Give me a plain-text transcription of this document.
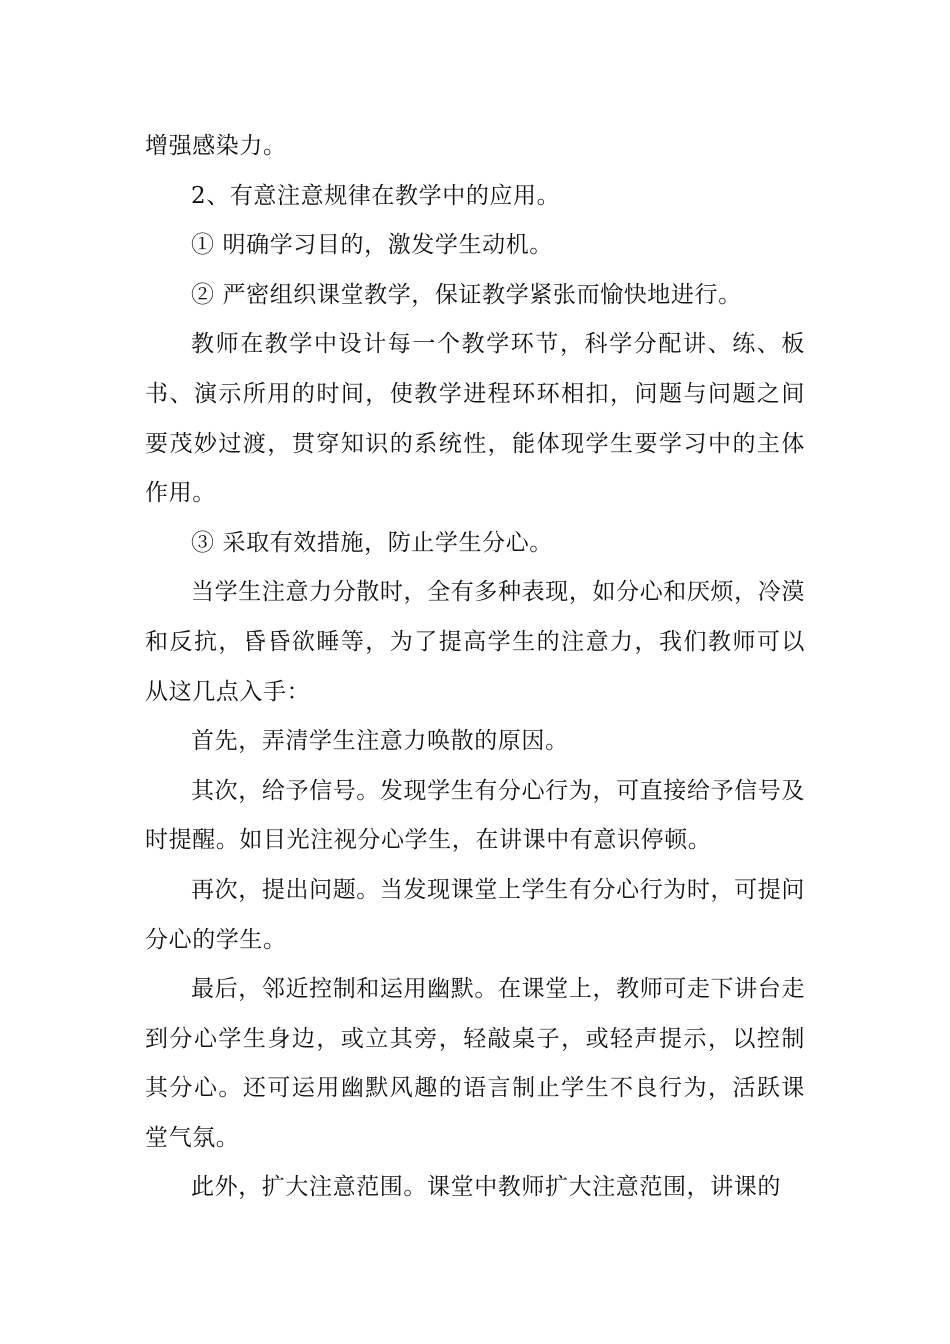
增强感染力。

2、有意注意规律在教学中的应用。

① 明确学习目的，激发学生动机。

② 严密组织课堂教学，保证教学紧张而愉快地进行。

教师在教学中设计每一个教学环节，科学分配讲、练、板书、演示所用的时间，使教学进程环环相扣，问题与问题之间要茂妙过渡，贯穿知识的系统性，能体现学生要学习中的主体作用。

③ 采取有效措施，防止学生分心。

当学生注意力分散时，全有多种表现，如分心和厌烦，冷漠和反抗，昏昏欲睡等，为了提高学生的注意力，我们教师可以从这几点入手：

首先，弄清学生注意力唤散的原因。

其次，给予信号。发现学生有分心行为，可直接给予信号及时提醒。如目光注视分心学生，在讲课中有意识停顿。

再次，提出问题。当发现课堂上学生有分心行为时，可提问分心的学生。

最后，邻近控制和运用幽默。在课堂上，教师可走下讲台走到分心学生身边，或立其旁，轻敲桌子，或轻声提示，以控制其分心。还可运用幽默风趣的语言制止学生不良行为，活跃课堂气氛。

此外，扩大注意范围。课堂中教师扩大注意范围，讲课的
